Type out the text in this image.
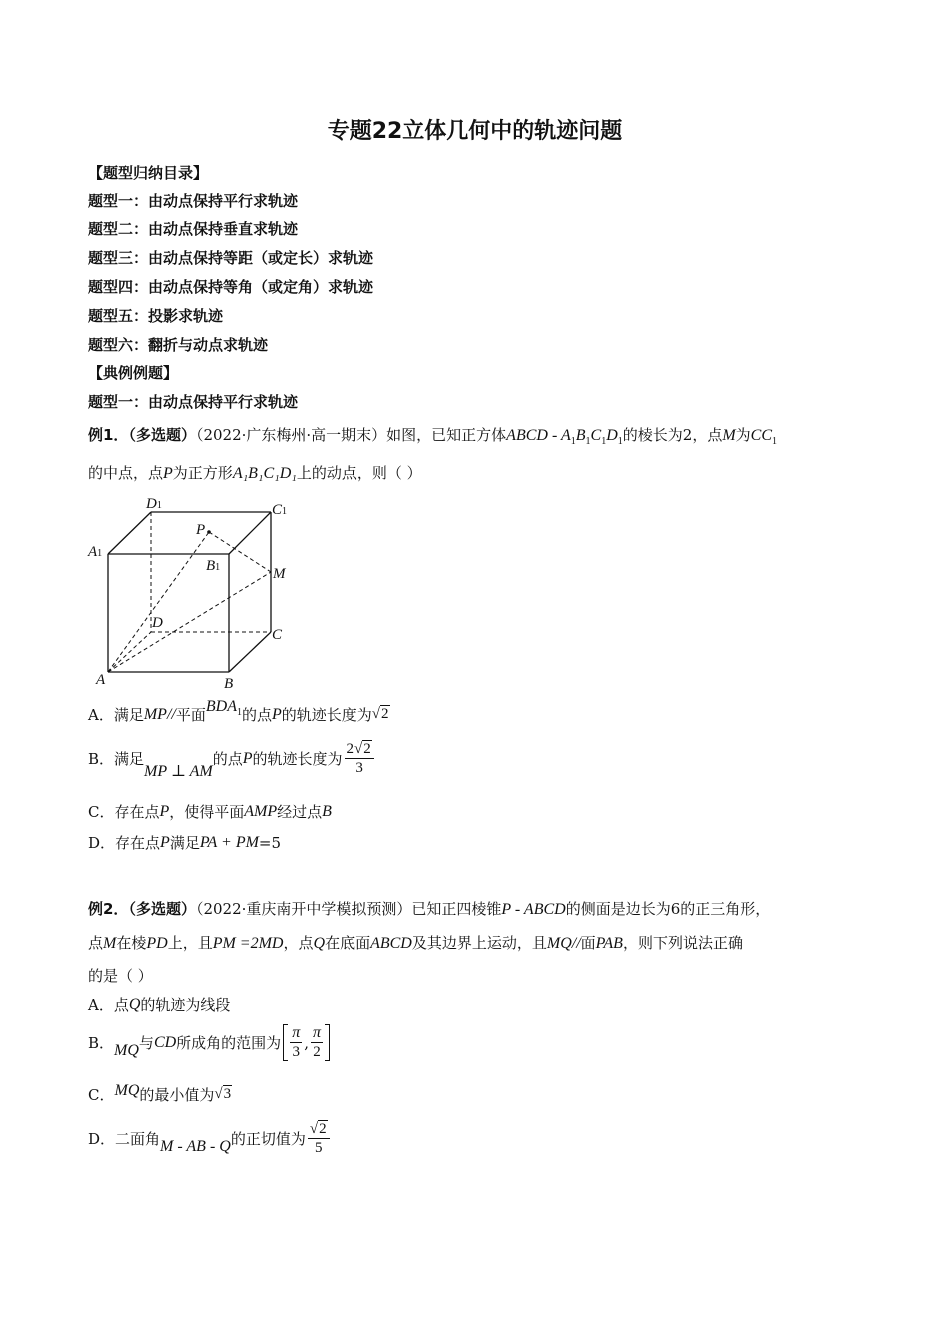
专题22立体几何中的轨迹问题
【题型归纳目录】
题型一：由动点保持平行求轨迹
题型二：由动点保持垂直求轨迹
题型三：由动点保持等距（或定长）求轨迹
题型四：由动点保持等角（或定角）求轨迹
题型五：投影求轨迹
题型六：翻折与动点求轨迹
【典例例题】
题型一：由动点保持平行求轨迹
例1．（多选题）（2022·广东梅州·高一期末）如图，已知正方体ABCD - $A_1B_1C_1D_1$的棱长为2，点M为$CC_1$
的中点，点P为正方形A₁B₁C₁D₁上的动点，则（ ）
D1	C1
A1
B1
P
M
D
C
A	B
A．满足 MP// 平面 $BDA_1$ 的点 P 的轨迹长度为 √2
B．满足
MP ⊥ AM
的点 P 的轨迹长度为 $\frac{2√2}{3}$
C．存在点 P ，使得平面 AMP 经过点 B
D．存在点 P 满足 PA + PM =5
例2．（多选题）（2022·重庆南开中学模拟预测）已知正四棱锥P - ABCD的侧面是边长为6的正三角形，
点M在棱PD上，且PM =2MD，点Q在底面ABCD及其边界上运动，且MQ//面PAB，则下列说法正确
的是（ ）
A．点 Q 的轨迹为线段
B． MQ 与 CD 所成角的范围为 $\frac{\pi}{3}$ , $\frac{\pi}{2}$
C． MQ 的最小值为 √3
D．二面角 M - AB - Q 的正切值为 $\frac{√2}{5}$
